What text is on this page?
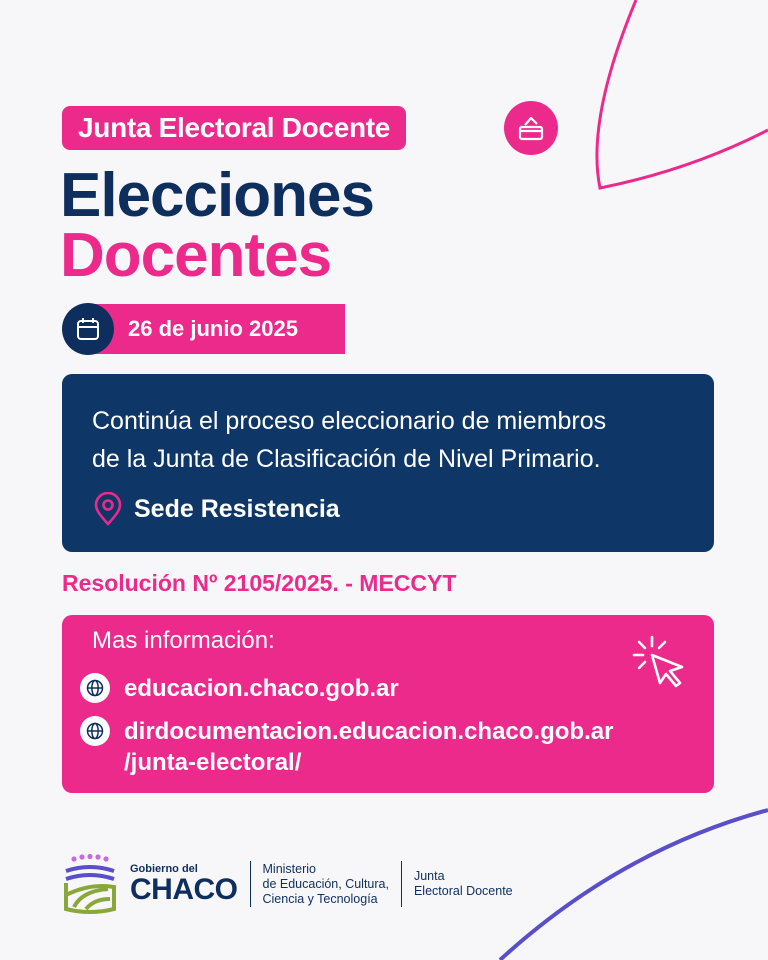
Junta Electoral Docente
Elecciones
Docentes
26 de junio 2025
Continúa el proceso eleccionario de miembros
de la Junta de Clasificación de Nivel Primario.
Sede Resistencia
Resolución Nº 2105/2025. - MECCYT
Mas información:
educacion.chaco.gob.ar
dirdocumentacion.educacion.chaco.gob.ar
/junta-electoral/
Gobierno del
CHACO
Ministerio
de Educación, Cultura,
Ciencia y Tecnología
Junta
Electoral Docente
